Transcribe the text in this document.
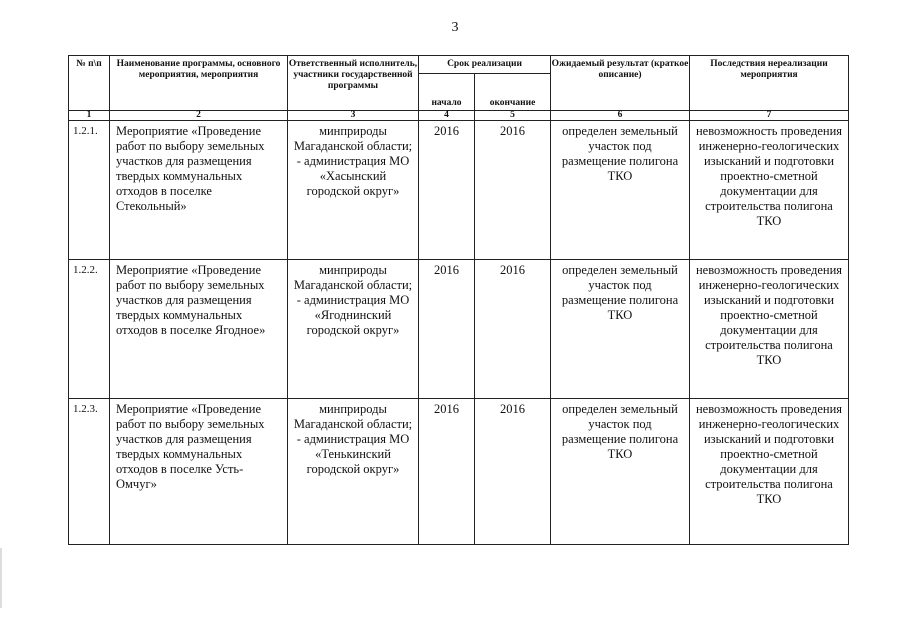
3
№ п\п	Наименование программы, основного мероприятия, мероприятия	Ответственный исполнитель, участники государственной программы	Срок реализации		Ожидаемый результат (краткое описание)	Последствия нереализации мероприятия
			начало	окончание		
1	2	3	4	5	6	7
1.2.1.	Мероприятие «Проведение работ по выбору земельных участков для размещения твердых коммунальных отходов в поселке Стекольный»	минприроды Магаданской области; - администрация МО «Хасынский городской округ»	2016	2016	определен земельный участок под размещение полигона ТКО	невозможность проведения инженерно-геологических изысканий и подготовки проектно-сметной документации для строительства полигона ТКО
1.2.2.	Мероприятие «Проведение работ по выбору земельных участков для размещения твердых коммунальных отходов в поселке Ягодное»	минприроды Магаданской области; - администрация МО «Ягоднинский городской округ»	2016	2016	определен земельный участок под размещение полигона ТКО	невозможность проведения инженерно-геологических изысканий и подготовки проектно-сметной документации для строительства полигона ТКО
1.2.3.	Мероприятие «Проведение работ по выбору земельных участков для размещения твердых коммунальных отходов в поселке Усть-Омчуг»	минприроды Магаданской области; - администрация МО «Тенькинский городской округ»	2016	2016	определен земельный участок под размещение полигона ТКО	невозможность проведения инженерно-геологических изысканий и подготовки проектно-сметной документации для строительства полигона ТКО
